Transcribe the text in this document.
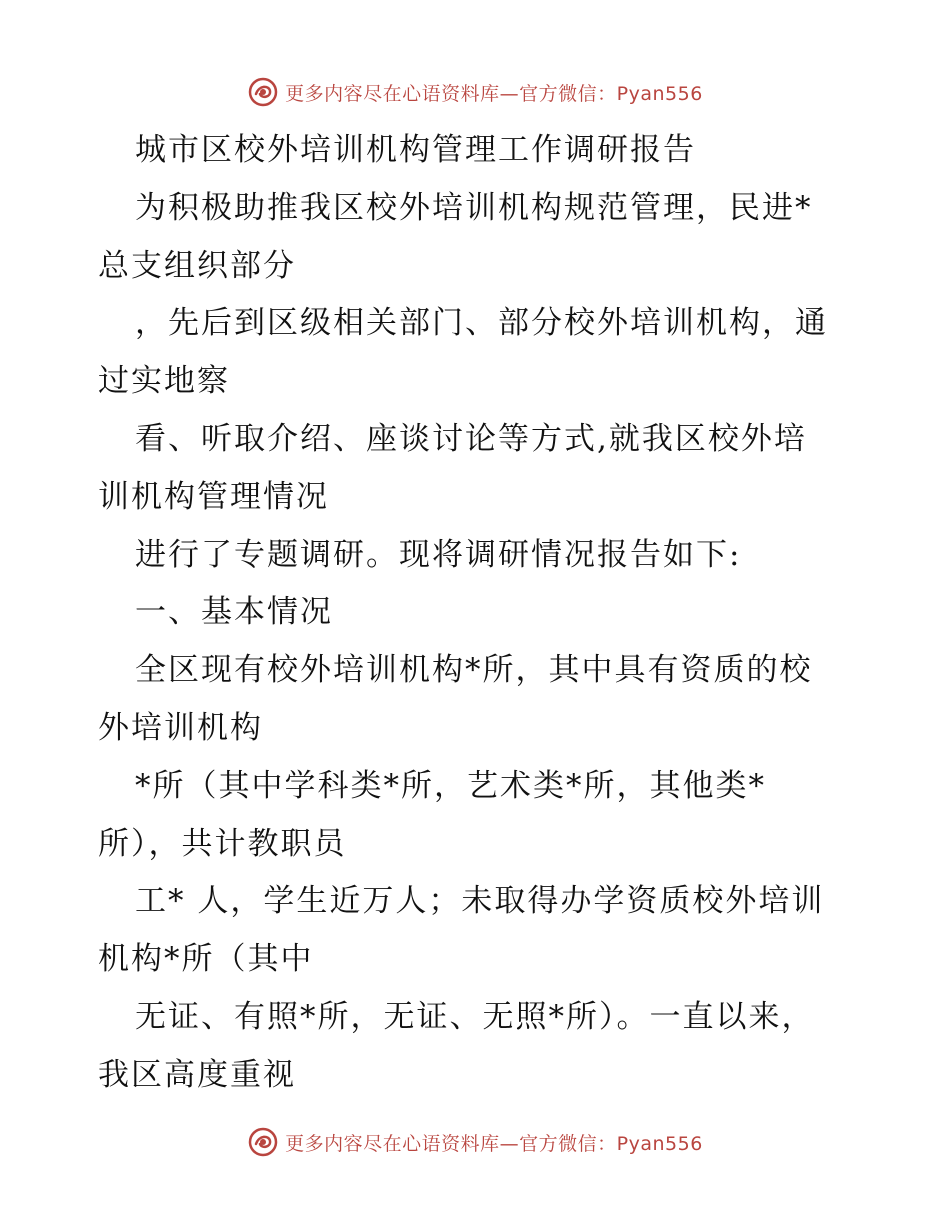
更多内容尽在心语资料库—官方微信：Pyan556
城市区校外培训机构管理工作调研报告
为积极助推我区校外培训机构规范管理，民进*
总支组织部分
，先后到区级相关部门、部分校外培训机构，通
过实地察
看、听取介绍、座谈讨论等方式,就我区校外培
训机构管理情况
进行了专题调研。现将调研情况报告如下:
一、基本情况
全区现有校外培训机构*所，其中具有资质的校
外培训机构
*所（其中学科类*所，艺术类*所，其他类*
所），共计教职员
工* 人，学生近万人；未取得办学资质校外培训
机构*所（其中
无证、有照*所，无证、无照*所）。一直以来，
我区高度重视
更多内容尽在心语资料库—官方微信：Pyan556
